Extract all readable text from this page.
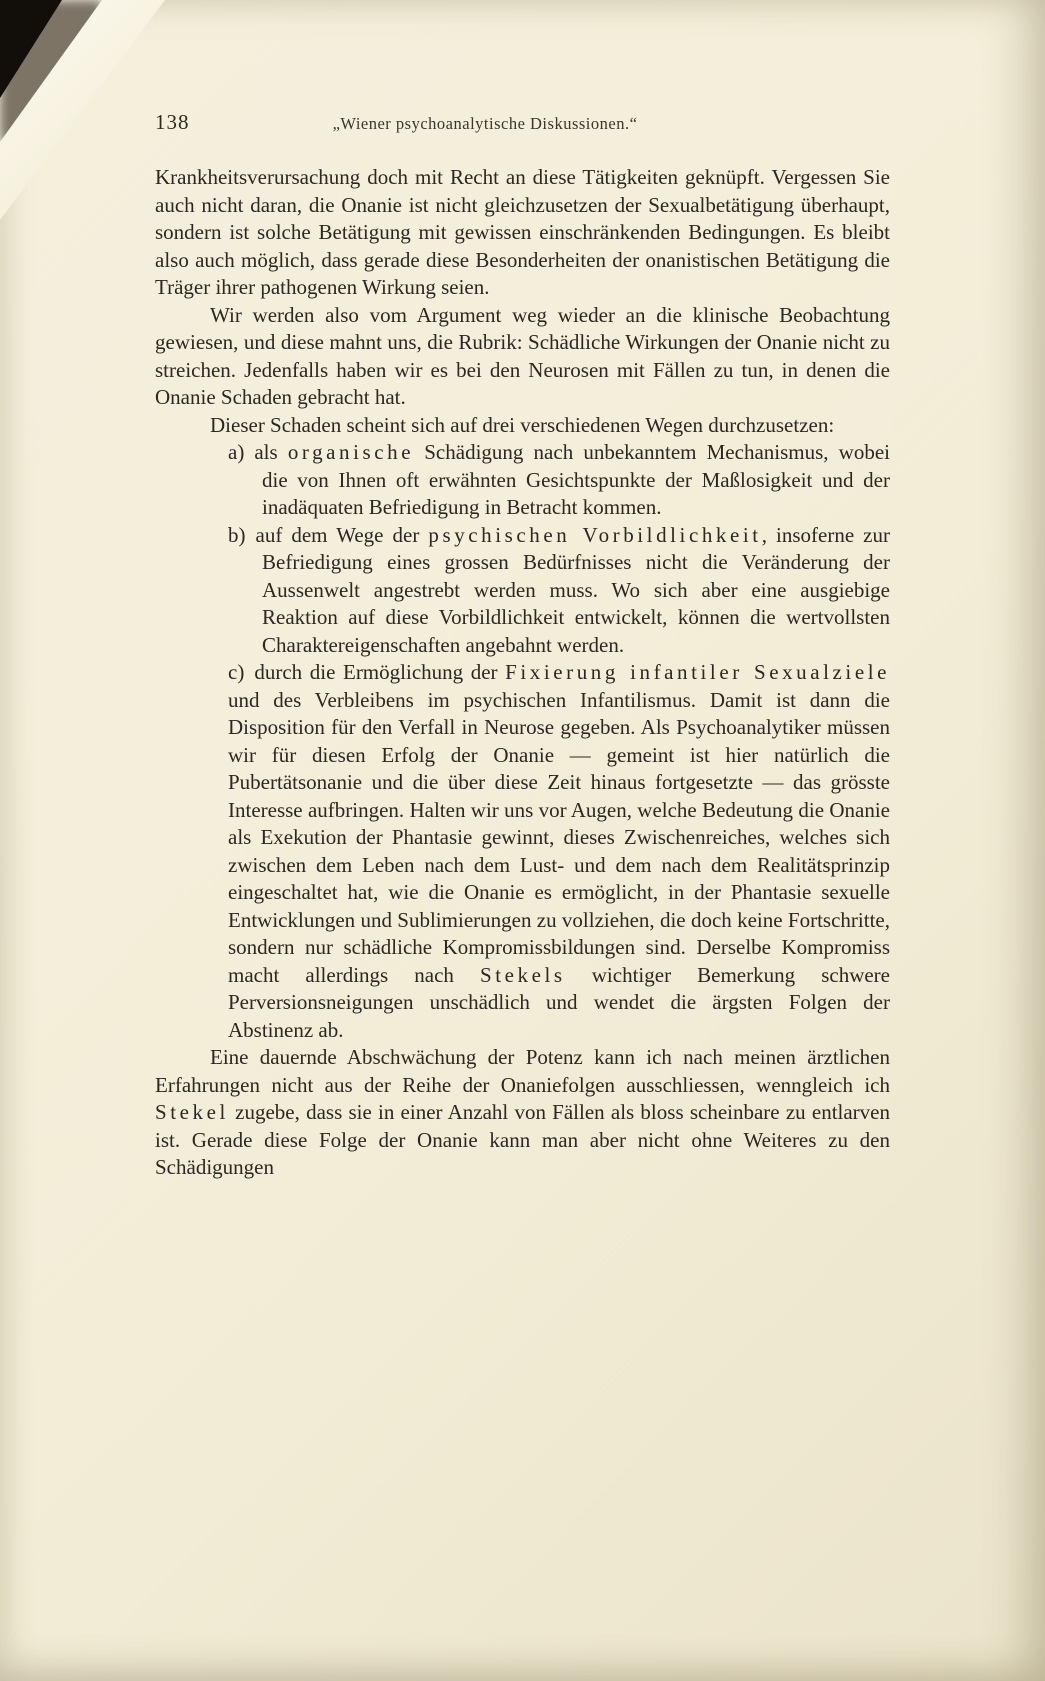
138	„Wiener psychoanalytische Diskussionen.“

Krankheitsverursachung doch mit Recht an diese Tätigkeiten geknüpft. Vergessen Sie auch nicht daran, die Onanie ist nicht gleichzusetzen der Sexualbetätigung überhaupt, sondern ist solche Betätigung mit gewissen einschränkenden Bedingungen. Es bleibt also auch möglich, dass gerade diese Besonderheiten der onanistischen Betätigung die Träger ihrer pathogenen Wirkung seien.

Wir werden also vom Argument weg wieder an die klinische Beobachtung gewiesen, und diese mahnt uns, die Rubrik: Schädliche Wirkungen der Onanie nicht zu streichen. Jedenfalls haben wir es bei den Neurosen mit Fällen zu tun, in denen die Onanie Schaden gebracht hat.

Dieser Schaden scheint sich auf drei verschiedenen Wegen durchzusetzen:

a) als organische Schädigung nach unbekanntem Mechanismus, wobei die von Ihnen oft erwähnten Gesichtspunkte der Maßlosigkeit und der inadäquaten Befriedigung in Betracht kommen.

b) auf dem Wege der psychischen Vorbildlichkeit, insoferne zur Befriedigung eines grossen Bedürfnisses nicht die Veränderung der Aussenwelt angestrebt werden muss. Wo sich aber eine ausgiebige Reaktion auf diese Vorbildlichkeit entwickelt, können die wertvollsten Charaktereigenschaften angebahnt werden.

c) durch die Ermöglichung der Fixierung infantiler Sexualziele und des Verbleibens im psychischen Infantilismus. Damit ist dann die Disposition für den Verfall in Neurose gegeben. Als Psychoanalytiker müssen wir für diesen Erfolg der Onanie — gemeint ist hier natürlich die Pubertätsonanie und die über diese Zeit hinaus fortgesetzte — das grösste Interesse aufbringen. Halten wir uns vor Augen, welche Bedeutung die Onanie als Exekution der Phantasie gewinnt, dieses Zwischenreiches, welches sich zwischen dem Leben nach dem Lust- und dem nach dem Realitätsprinzip eingeschaltet hat, wie die Onanie es ermöglicht, in der Phantasie sexuelle Entwicklungen und Sublimierungen zu vollziehen, die doch keine Fortschritte, sondern nur schädliche Kompromissbildungen sind. Derselbe Kompromiss macht allerdings nach Stekels wichtiger Bemerkung schwere Perversionsneigungen unschädlich und wendet die ärgsten Folgen der Abstinenz ab.

Eine dauernde Abschwächung der Potenz kann ich nach meinen ärztlichen Erfahrungen nicht aus der Reihe der Onaniefolgen ausschliessen, wenngleich ich Stekel zugebe, dass sie in einer Anzahl von Fällen als bloss scheinbare zu entlarven ist. Gerade diese Folge der Onanie kann man aber nicht ohne Weiteres zu den Schädigungen
